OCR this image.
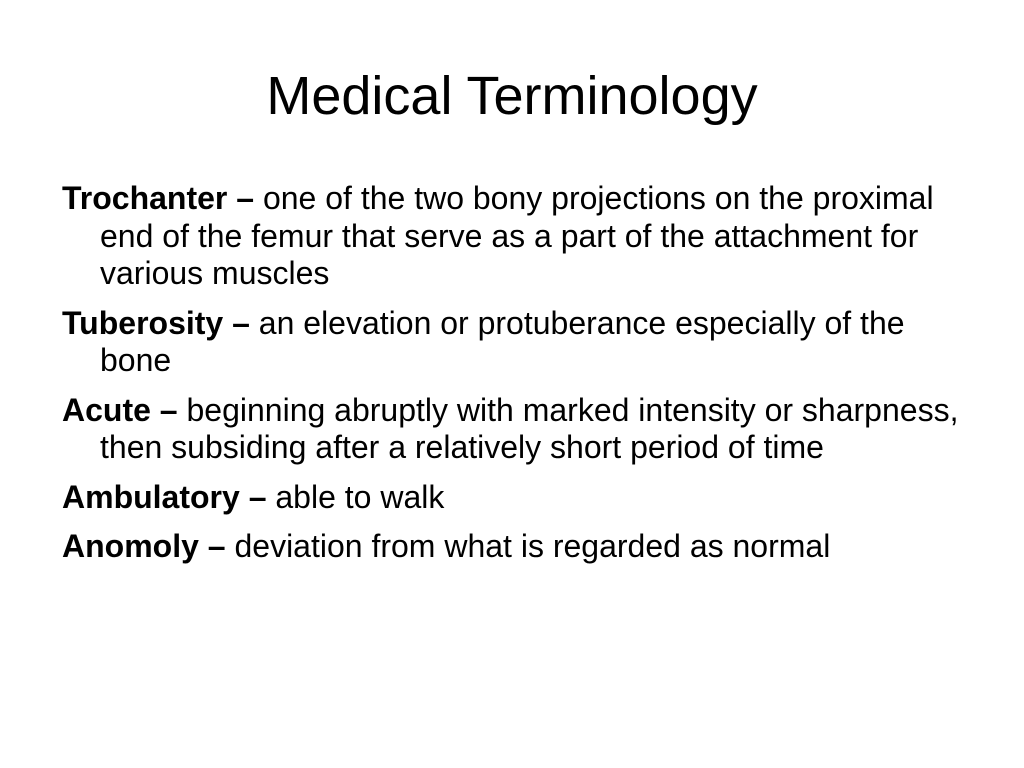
Medical Terminology
Trochanter – one of the two bony projections on the proximal end of the femur that serve as a part of the attachment for various muscles
Tuberosity – an elevation or protuberance especially of the bone
Acute – beginning abruptly with marked intensity or sharpness, then subsiding after a relatively short period of time
Ambulatory – able to walk
Anomoly – deviation from what is regarded as normal
